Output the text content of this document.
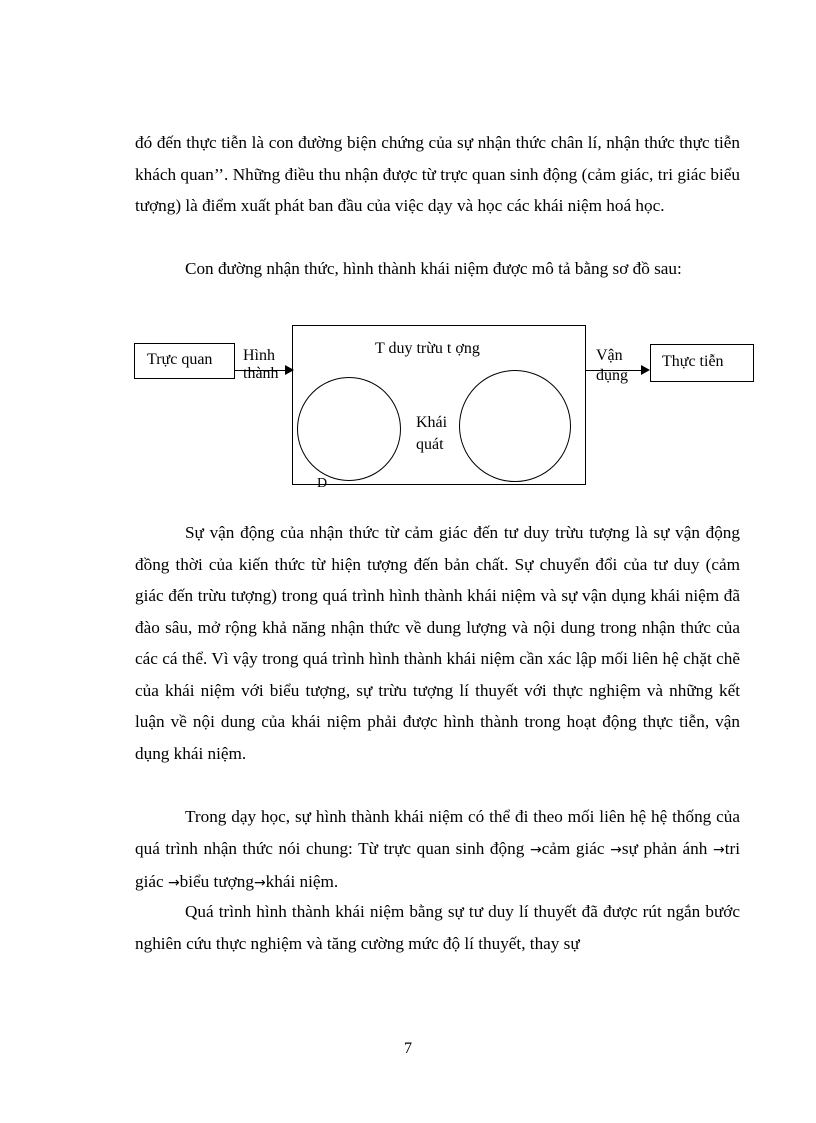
đó đến thực tiễn là con đường biện chứng của sự nhận thức chân lí, nhận thức thực tiễn khách quan’’. Những điều thu nhận được từ trực quan sinh động (cảm giác, tri giác biểu tượng) là điểm xuất phát ban đầu của việc dạy và học các khái niệm hoá học.

Con đường nhận thức, hình thành khái niệm được mô tả bằng sơ đồ sau:

Trực quan Hình
thành
T duy trừu t ợng
Khái
quát
D
Vận
dụng
Thực tiễn

Sự vận động của nhận thức từ cảm giác đến tư duy trừu tượng là sự vận động đồng thời của kiến thức từ hiện tượng đến bản chất. Sự chuyển đổi của tư duy (cảm giác đến trừu tượng) trong quá trình hình thành khái niệm và sự vận dụng khái niệm đã đào sâu, mở rộng khả năng nhận thức về dung lượng và nội dung trong nhận thức của các cá thể. Vì vậy trong quá trình hình thành khái niệm cần xác lập mối liên hệ chặt chẽ của khái niệm với biểu tượng, sự trừu tượng lí thuyết với thực nghiệm và những kết luận về nội dung của khái niệm phải được hình thành trong hoạt động thực tiễn, vận dụng khái niệm.

Trong dạy học, sự hình thành khái niệm có thể đi theo mối liên hệ hệ thống của quá trình nhận thức nói chung: Từ trực quan sinh động →cảm giác →sự phản ánh →tri giác →biểu tượng→khái niệm.

Quá trình hình thành khái niệm bằng sự tư duy lí thuyết đã được rút ngắn bước nghiên cứu thực nghiệm và tăng cường mức độ lí thuyết, thay sự

7
